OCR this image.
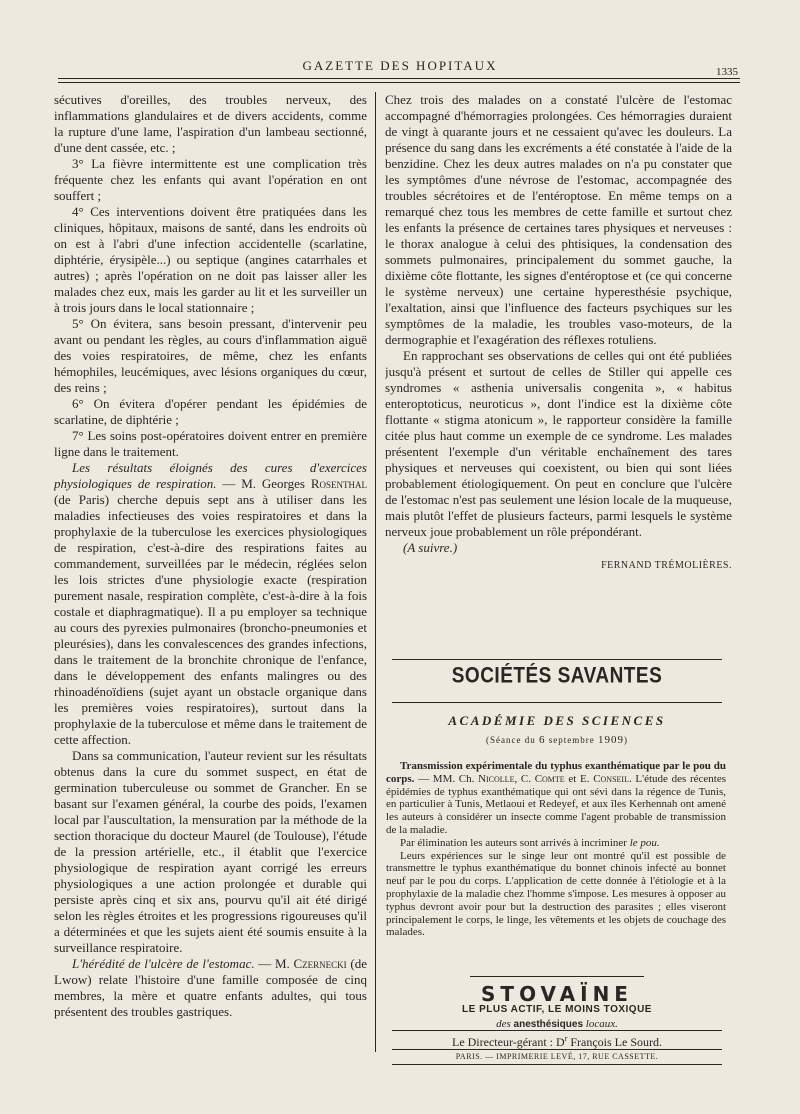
GAZETTE DES HOPITAUX	1335

sécutives d'oreilles, des troubles nerveux, des inflammations glandulaires et de divers accidents, comme la rupture d'une lame, l'aspiration d'un lambeau sectionné, d'une dent cassée, etc. ;

3° La fièvre intermittente est une complication très fréquente chez les enfants qui avant l'opération en ont souffert ;

4° Ces interventions doivent être pratiquées dans les cliniques, hôpitaux, maisons de santé, dans les endroits où on est à l'abri d'une infection accidentelle (scarlatine, diphtérie, érysipèle...) ou septique (angines catarrhales et autres) ; après l'opération on ne doit pas laisser aller les malades chez eux, mais les garder au lit et les surveiller un à trois jours dans le local stationnaire ;

5° On évitera, sans besoin pressant, d'intervenir peu avant ou pendant les règles, au cours d'inflammation aiguë des voies respiratoires, de même, chez les enfants hémophiles, leucémiques, avec lésions organiques du cœur, des reins ;

6° On évitera d'opérer pendant les épidémies de scarlatine, de diphtérie ;

7° Les soins post-opératoires doivent entrer en première ligne dans le traitement.

Les résultats éloignés des cures d'exercices physiologiques de respiration. — M. Georges Rosenthal (de Paris) cherche depuis sept ans à utiliser dans les maladies infectieuses des voies respiratoires et dans la prophylaxie de la tuberculose les exercices physiologiques de respiration, c'est-à-dire des respirations faites au commandement, surveillées par le médecin, réglées selon les lois strictes d'une physiologie exacte (respiration purement nasale, respiration complète, c'est-à-dire à la fois costale et diaphragmatique). Il a pu employer sa technique au cours des pyrexies pulmonaires (broncho-pneumonies et pleurésies), dans les convalescences des grandes infections, dans le traitement de la bronchite chronique de l'enfance, dans le développement des enfants malingres ou des rhinoadénoïdiens (sujet ayant un obstacle organique dans les premières voies respiratoires), surtout dans la prophylaxie de la tuberculose et même dans le traitement de cette affection.

Dans sa communication, l'auteur revient sur les résultats obtenus dans la cure du sommet suspect, en état de germination tuberculeuse ou sommet de Grancher. En se basant sur l'examen général, la courbe des poids, l'examen local par l'auscultation, la mensuration par la méthode de la section thoracique du docteur Maurel (de Toulouse), l'étude de la pression artérielle, etc., il établit que l'exercice physiologique de respiration ayant corrigé les erreurs physiologiques a une action prolongée et durable qui persiste après cinq et six ans, pourvu qu'il ait été dirigé selon les règles étroites et les progressions rigoureuses qu'il a déterminées et que les sujets aient été soumis ensuite à la surveillance respiratoire.

L'hérédité de l'ulcère de l'estomac. — M. Czernecki (de Lwow) relate l'histoire d'une famille composée de cinq membres, la mère et quatre enfants adultes, qui tous présentent des troubles gastriques.

Chez trois des malades on a constaté l'ulcère de l'estomac accompagné d'hémorragies prolongées. Ces hémorragies duraient de vingt à quarante jours et ne cessaient qu'avec les douleurs. La présence du sang dans les excréments a été constatée à l'aide de la benzidine. Chez les deux autres malades on n'a pu constater que les symptômes d'une névrose de l'estomac, accompagnée des troubles sécrétoires et de l'entéroptose. En même temps on a remarqué chez tous les membres de cette famille et surtout chez les enfants la présence de certaines tares physiques et nerveuses : le thorax analogue à celui des phtisiques, la condensation des sommets pulmonaires, principalement du sommet gauche, la dixième côte flottante, les signes d'entéroptose et (ce qui concerne le système nerveux) une certaine hyperesthésie psychique, l'exaltation, ainsi que l'influence des facteurs psychiques sur les symptômes de la maladie, les troubles vaso-moteurs, de la dermographie et l'exagération des réflexes rotuliens.

En rapprochant ses observations de celles qui ont été publiées jusqu'à présent et surtout de celles de Stiller qui appelle ces syndromes « asthenia universalis congenita », « habitus enteroptoticus, neuroticus », dont l'indice est la dixième côte flottante « stigma atonicum », le rapporteur considère la famille citée plus haut comme un exemple de ce syndrome. Les malades présentent l'exemple d'un véritable enchaînement des tares physiques et nerveuses qui coexistent, ou bien qui sont liées probablement étiologiquement. On peut en conclure que l'ulcère de l'estomac n'est pas seulement une lésion locale de la muqueuse, mais plutôt l'effet de plusieurs facteurs, parmi lesquels le système nerveux joue probablement un rôle prépondérant.

(A suivre.)

FERNAND TRÉMOLIÈRES.
SOCIÉTÉS SAVANTES
ACADÉMIE DES SCIENCES
(Séance du 6 septembre 1909)

Transmission expérimentale du typhus exanthématique par le pou du corps. — MM. Ch. Nicolle, C. Comte et E. Conseil. L'étude des récentes épidémies de typhus exanthématique qui ont sévi dans la régence de Tunis, en particulier à Tunis, Metlaoui et Redeyef, et aux îles Kerhennah ont amené les auteurs à considérer un insecte comme l'agent probable de transmission de la maladie.

Par élimination les auteurs sont arrivés à incriminer le pou.

Leurs expériences sur le singe leur ont montré qu'il est possible de transmettre le typhus exanthématique du bonnet chinois infecté au bonnet neuf par le pou du corps. L'application de cette donnée à l'étiologie et à la prophylaxie de la maladie chez l'homme s'impose. Les mesures à opposer au typhus devront avoir pour but la destruction des parasites ; elles viseront principalement le corps, le linge, les vêtements et les objets de couchage des malades.

STOVAÏNE
LE PLUS ACTIF, LE MOINS TOXIQUE
des anesthésiques locaux.
Le Directeur-gérant : $D^r$ François Le Sourd.
PARIS. — IMPRIMERIE LEVÉ, 17, RUE CASSETTE.
